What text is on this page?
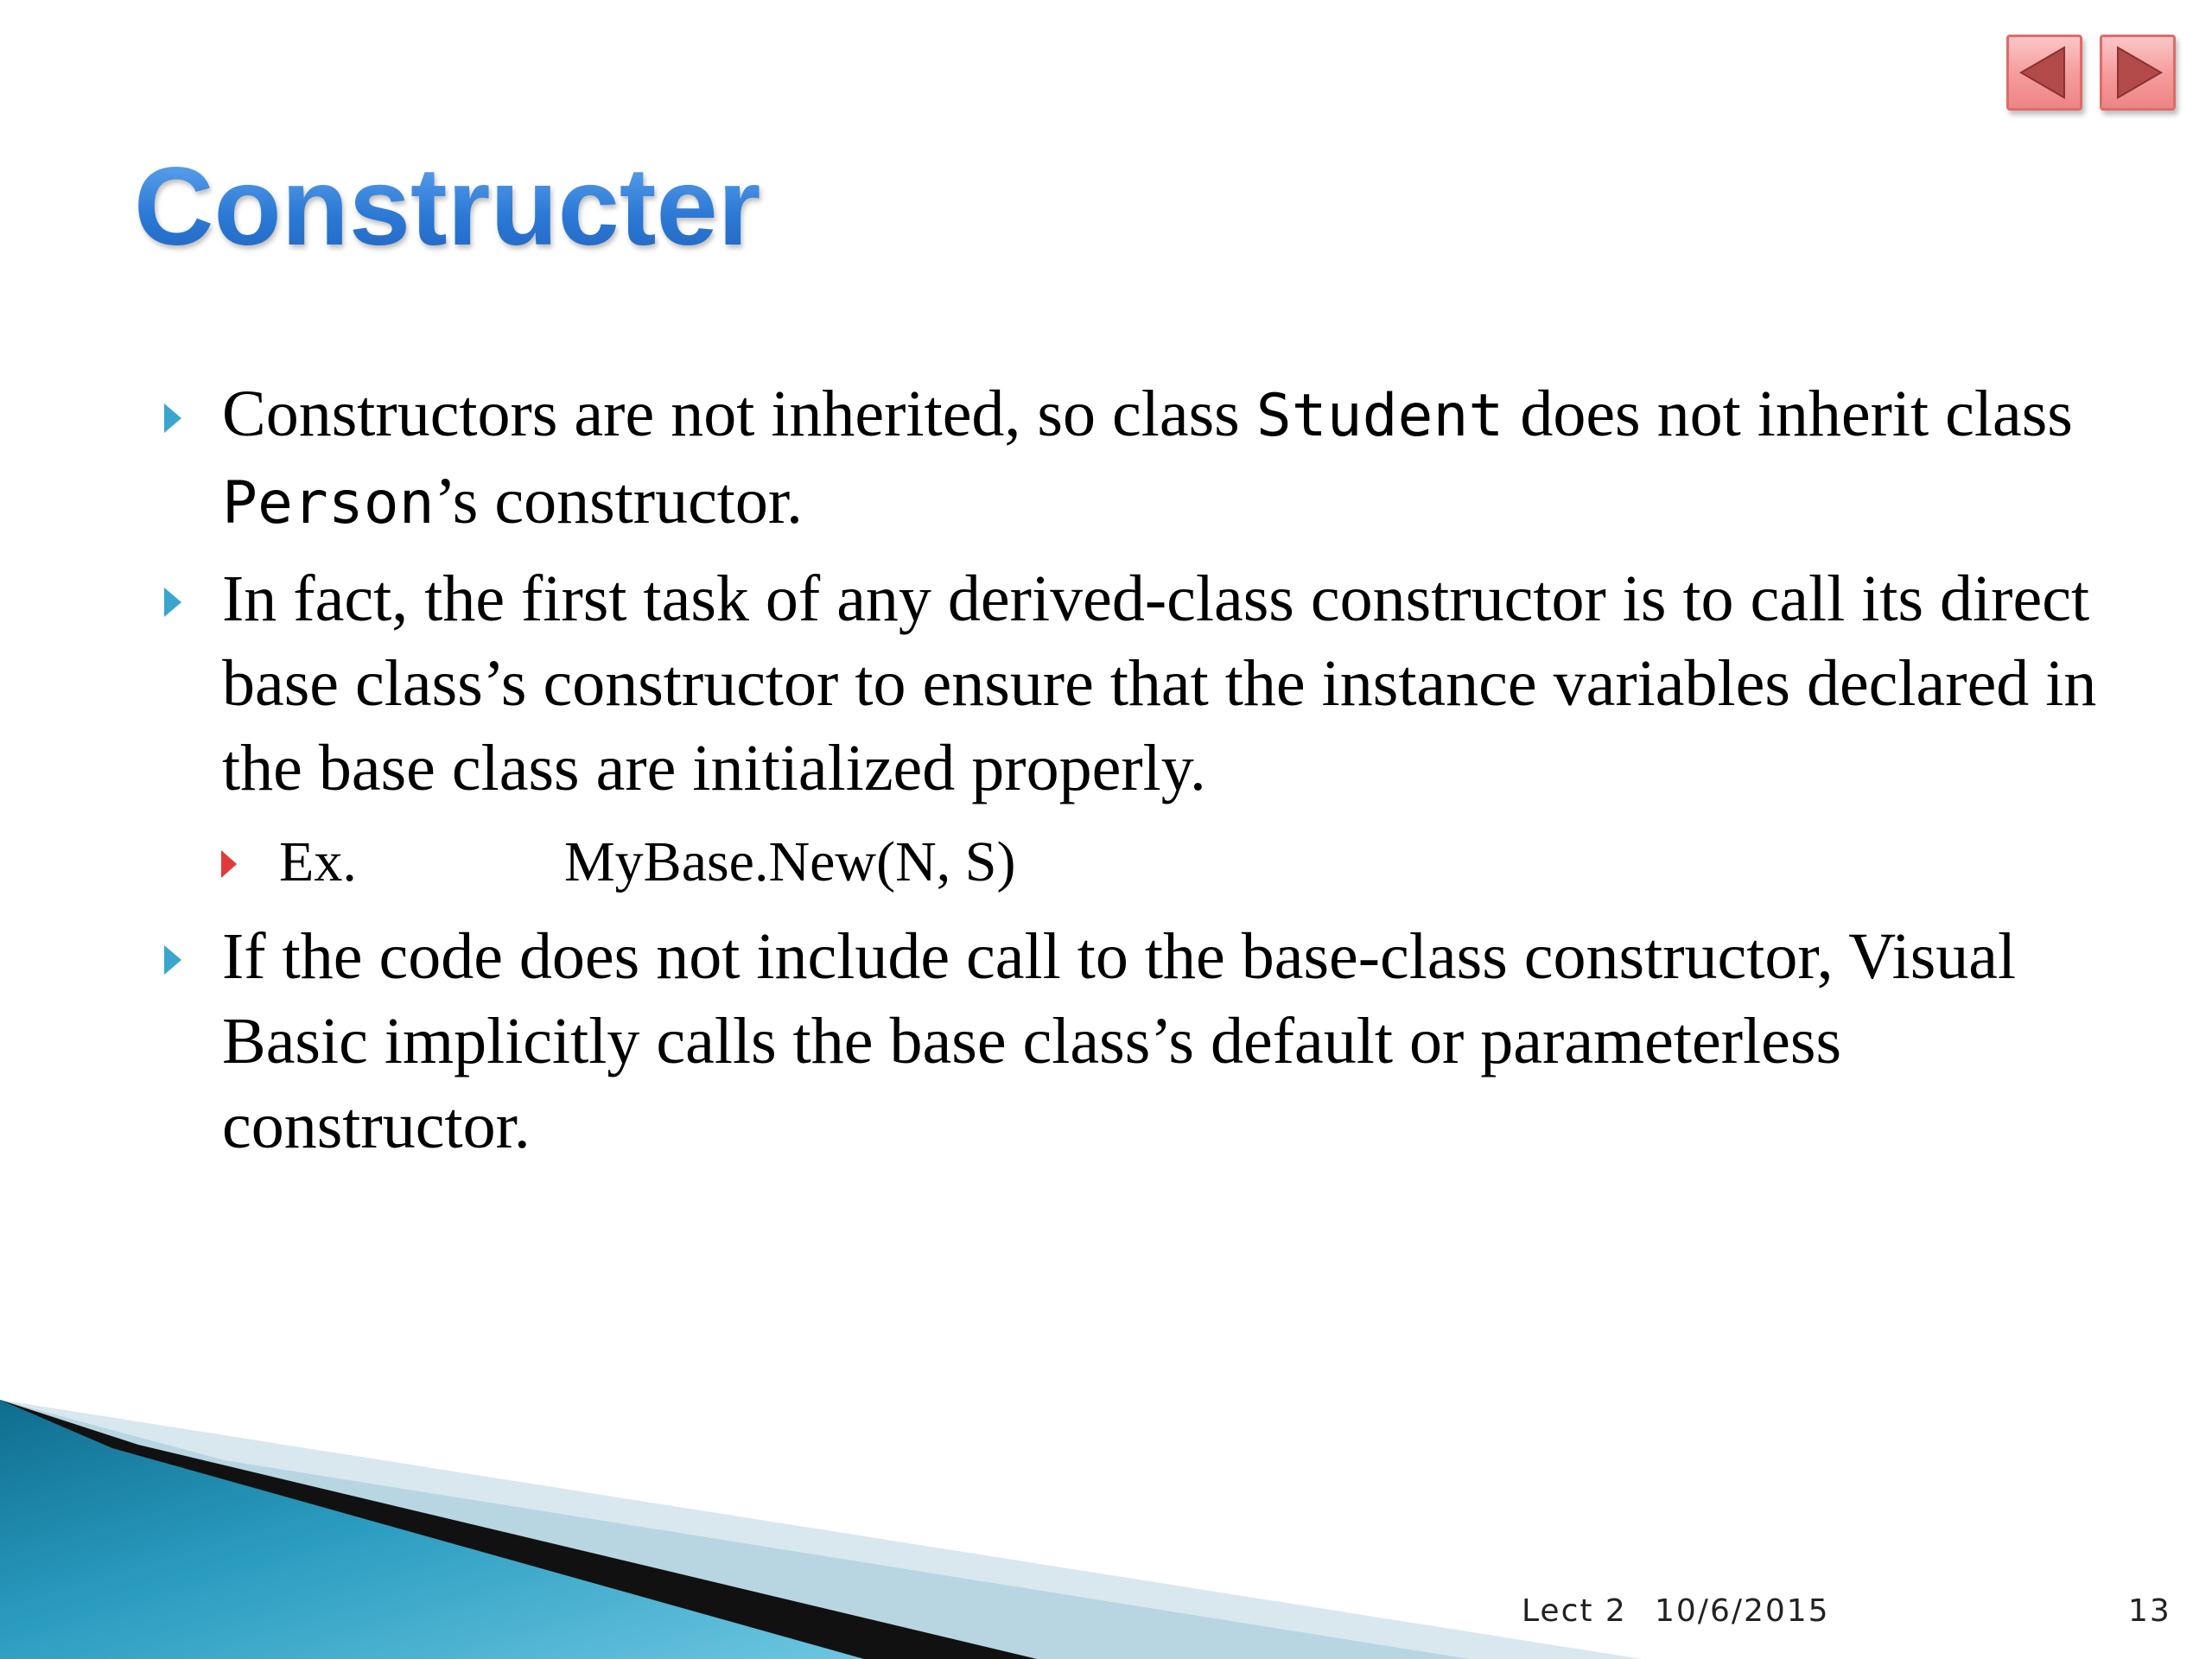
Constructer
Constructors are not inherited, so class Student does not inherit class Person’s constructor.
In fact, the first task of any derived-class constructor is to call its direct base class’s constructor to ensure that the instance variables declared in the base class are initialized properly.
Ex.	MyBase.New(N, S)
If the code does not include call to the base-class constructor, Visual Basic implicitly calls the base class’s default or parameterless constructor.
Lect 2 10/6/2015	13
